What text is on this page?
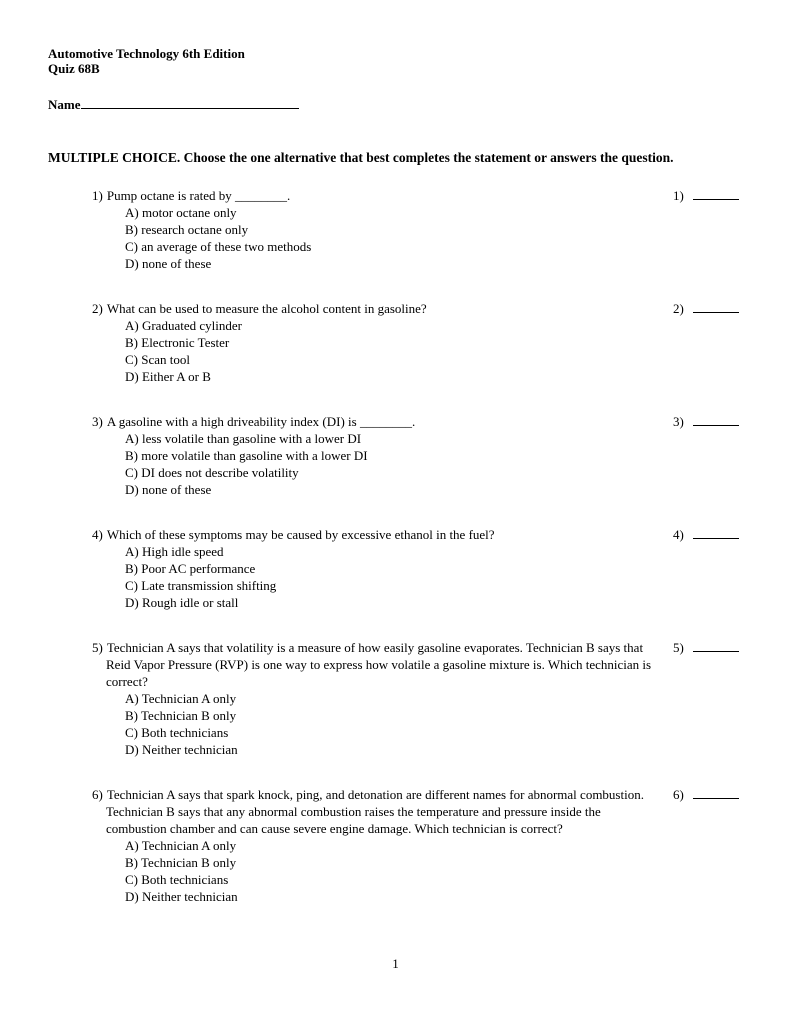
Automotive Technology 6th Edition
Quiz 68B
Name
MULTIPLE CHOICE. Choose the one alternative that best completes the statement or answers the question.
1) Pump octane is rated by ________.
A) motor octane only
B) research octane only
C) an average of these two methods
D) none of these
1)
2) What can be used to measure the alcohol content in gasoline?
A) Graduated cylinder
B) Electronic Tester
C) Scan tool
D) Either A or B
2)
3) A gasoline with a high driveability index (DI) is ________.
A) less volatile than gasoline with a lower DI
B) more volatile than gasoline with a lower DI
C) DI does not describe volatility
D) none of these
3)
4) Which of these symptoms may be caused by excessive ethanol in the fuel?
A) High idle speed
B) Poor AC performance
C) Late transmission shifting
D) Rough idle or stall
4)
5) Technician A says that volatility is a measure of how easily gasoline evaporates. Technician B says that Reid Vapor Pressure (RVP) is one way to express how volatile a gasoline mixture is. Which technician is correct?
A) Technician A only
B) Technician B only
C) Both technicians
D) Neither technician
5)
6) Technician A says that spark knock, ping, and detonation are different names for abnormal combustion. Technician B says that any abnormal combustion raises the temperature and pressure inside the combustion chamber and can cause severe engine damage. Which technician is correct?
A) Technician A only
B) Technician B only
C) Both technicians
D) Neither technician
6)
1
